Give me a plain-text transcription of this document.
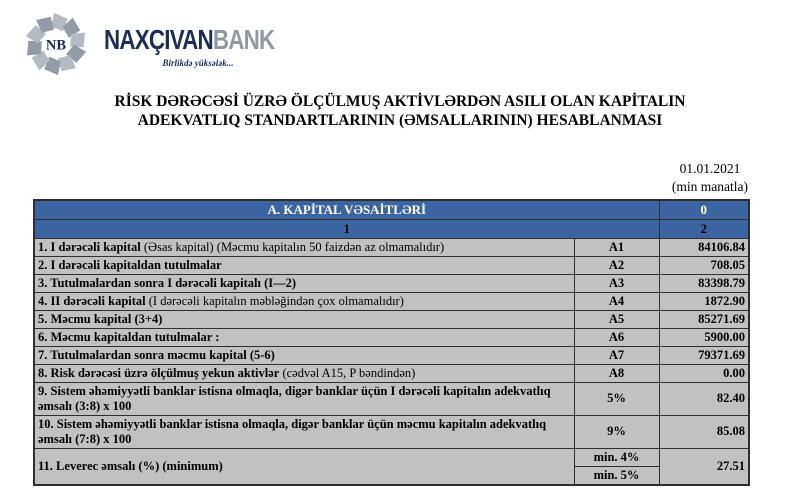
NB NAXÇIVANBANK
Birlikdə yüksələk...
RİSK DƏRƏCƏSİ ÜZRƏ ÖLÇÜLMUŞ AKTİVLƏRDƏN ASILI OLAN KAPİTALIN
ADEKVATLIQ STANDARTLARININ (ƏMSALLARININ) HESABLANMASI
01.01.2021
(min manatla)
A. KAPİTAL VƏSAİTLƏRİ		0
1		2
1. I dərəcəli kapital (Əsas kapital) (Məcmu kapitalın 50 faizdən az olmamalıdır)	A1	84106.84
2. I dərəcəli kapitaldan tutulmalar	A2	708.05
3. Tutulmalardan sonra I dərəcəli kapitalı (I—2)	A3	83398.79
4. II dərəcəli kapital (I dərəcəli kapitalın məbləğindən çox olmamalıdır)	A4	1872.90
5. Məcmu kapital (3+4)	A5	85271.69
6. Məcmu kapitaldan tutulmalar :	A6	5900.00
7. Tutulmalardan sonra məcmu kapital (5-6)	A7	79371.69
8. Risk dərəcəsi üzrə ölçülmuş yekun aktivlər (cədvəl A15, P bəndindən)	A8	0.00
9. Sistem əhəmiyyətli banklar istisna olmaqla, digər banklar üçün I dərəcəli kapitalın adekvatlıq əmsalı (3:8) x 100	5%	82.40
10. Sistem əhəmiyyətli banklar istisna olmaqla, digər banklar üçün məcmu kapitalın adekvatlıq əmsalı (7:8) x 100	9%	85.08
11. Leverec əmsalı (%) (minimum)	min. 4%	27.51
	min. 5%	
